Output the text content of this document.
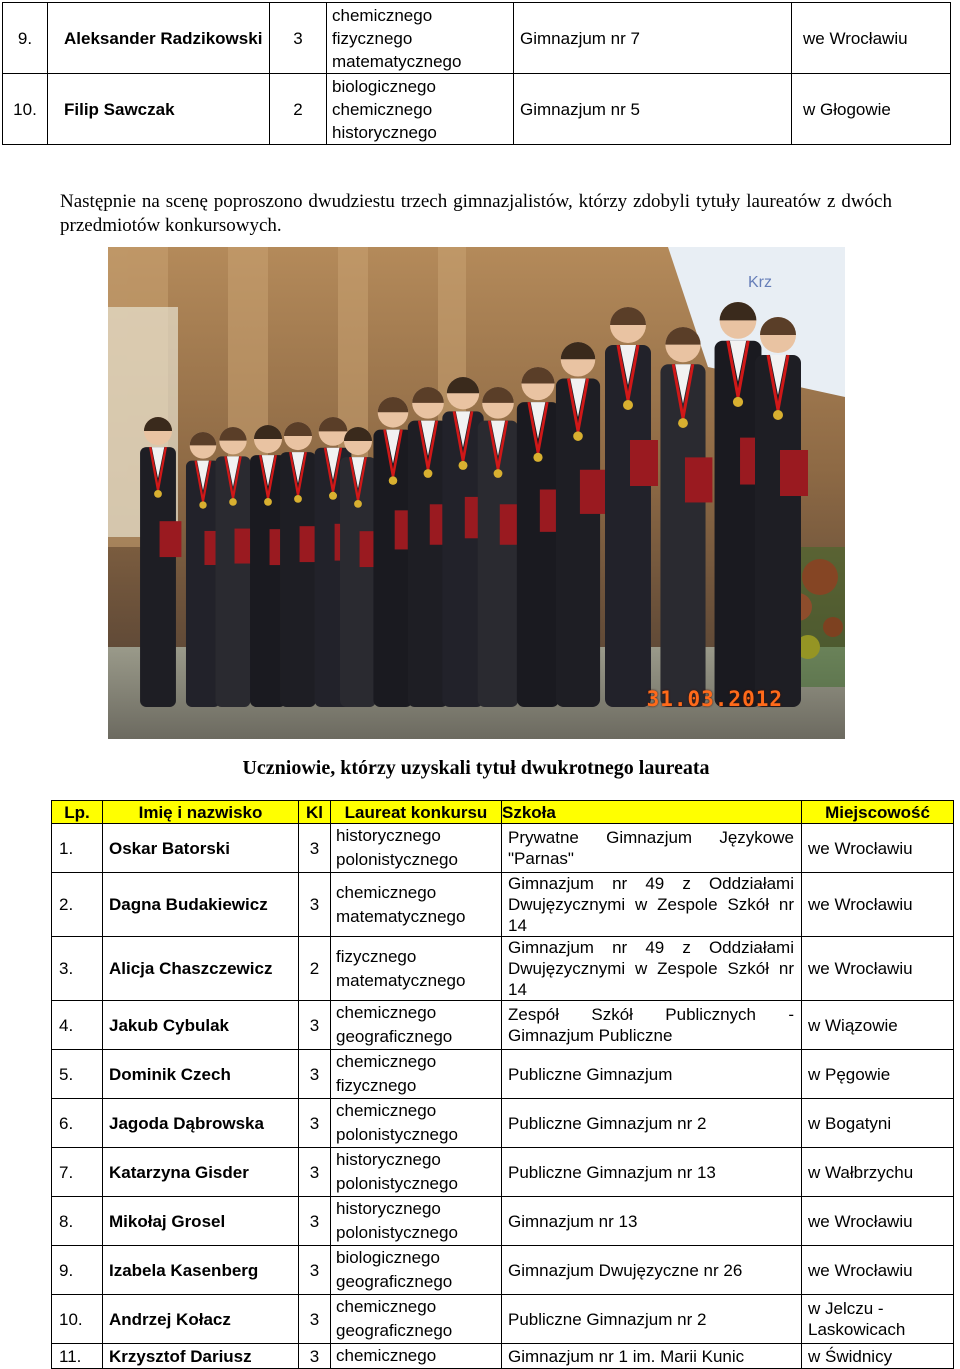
9.	Aleksander Radzikowski	3	chemicznego
fizycznego
matematycznego	Gimnazjum nr 7	we Wrocławiu
10.	Filip Sawczak	2	biologicznego
chemicznego
historycznego	Gimnazjum nr 5	w Głogowie

Następnie na scenę poproszono dwudziestu trzech gimnazjalistów, którzy zdobyli tytuły laureatów z dwóch przedmiotów konkursowych.

Krz
31.03.2012
Uczniowie, którzy uzyskali tytuł dwukrotnego laureata
Lp.	Imię i nazwisko	Kl	Laureat konkursu	Szkoła	Miejscowość
1.	Oskar Batorski	3	historycznego
polonistycznego	Prywatne Gimnazjum Językowe "Parnas"	we Wrocławiu
2.	Dagna Budakiewicz	3	chemicznego
matematycznego	Gimnazjum nr 49 z Oddziałami Dwujęzycznymi w Zespole Szkół nr 14	we Wrocławiu
3.	Alicja Chaszczewicz	2	fizycznego
matematycznego	Gimnazjum nr 49 z Oddziałami Dwujęzycznymi w Zespole Szkół nr 14	we Wrocławiu
4.	Jakub Cybulak	3	chemicznego
geograficznego	Zespół Szkół Publicznych - Gimnazjum Publiczne	w Wiązowie
5.	Dominik Czech	3	chemicznego
fizycznego	Publiczne Gimnazjum	w Pęgowie
6.	Jagoda Dąbrowska	3	chemicznego
polonistycznego	Publiczne Gimnazjum nr 2	w Bogatyni
7.	Katarzyna Gisder	3	historycznego
polonistycznego	Publiczne Gimnazjum nr 13	w Wałbrzychu
8.	Mikołaj Grosel	3	historycznego
polonistycznego	Gimnazjum nr 13	we Wrocławiu
9.	Izabela Kasenberg	3	biologicznego
geograficznego	Gimnazjum Dwujęzyczne nr 26	we Wrocławiu
10.	Andrzej Kołacz	3	chemicznego
geograficznego	Publiczne Gimnazjum nr 2	w Jelczu - Laskowicach
11.	Krzysztof Dariusz	3	chemicznego	Gimnazjum nr 1 im. Marii Kunic	w Świdnicy
